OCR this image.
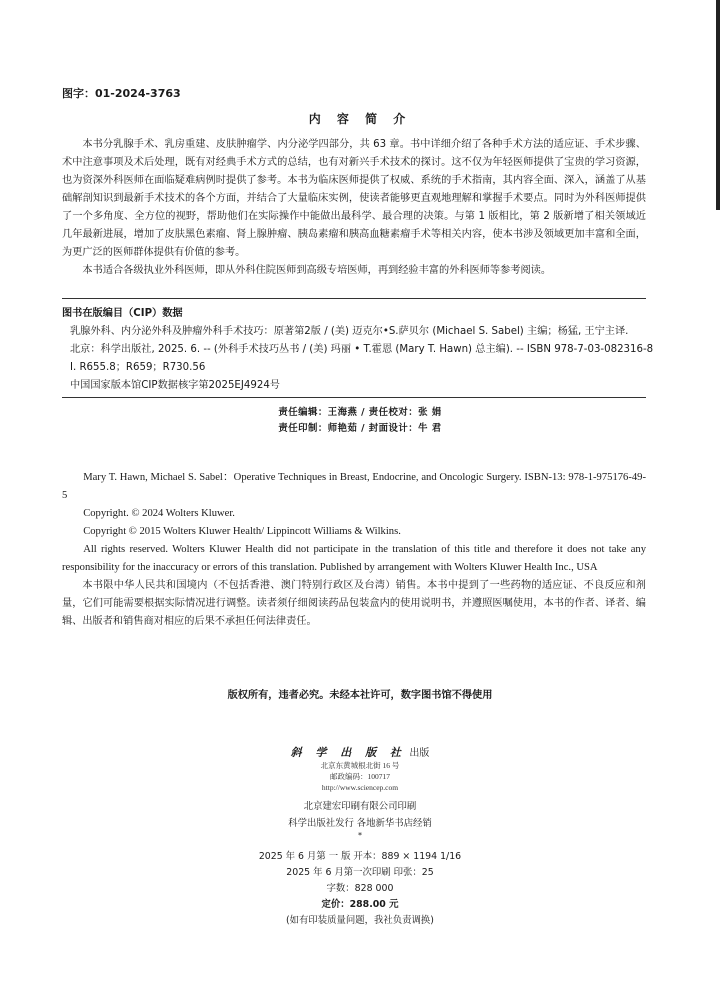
图字：01-2024-3763
内 容 简 介

本书分乳腺手术、乳房重建、皮肤肿瘤学、内分泌学四部分，共 63 章。书中详细介绍了各种手术方法的适应证、手术步骤、术中注意事项及术后处理，既有对经典手术方式的总结，也有对新兴手术技术的探讨。这不仅为年轻医师提供了宝贵的学习资源，也为资深外科医师在面临疑难病例时提供了参考。本书为临床医师提供了权威、系统的手术指南，其内容全面、深入，涵盖了从基础解剖知识到最新手术技术的各个方面，并结合了大量临床实例，使读者能够更直观地理解和掌握手术要点。同时为外科医师提供了一个多角度、全方位的视野，帮助他们在实际操作中能做出最科学、最合理的决策。与第 1 版相比，第 2 版新增了相关领域近几年最新进展，增加了皮肤黑色素瘤、肾上腺肿瘤、胰岛素瘤和胰高血糖素瘤手术等相关内容，使本书涉及领域更加丰富和全面，为更广泛的医师群体提供有价值的参考。

本书适合各级执业外科医师，即从外科住院医师到高级专培医师，再到经验丰富的外科医师等参考阅读。

图书在版编目（CIP）数据
乳腺外科、内分泌外科及肿瘤外科手术技巧：原著第2版 / (美) 迈克尔•S.萨贝尔 (Michael S. Sabel) 主编；杨猛, 王宁主译.
北京：科学出版社, 2025. 6. -- (外科手术技巧丛书 / (美) 玛丽 • T.霍恩 (Mary T. Hawn) 总主编). -- ISBN 978-7-03-082316-8
Ⅰ. R655.8；R659；R730.56
中国国家版本馆CIP数据核字第2025EJ4924号
责任编辑：王海燕 / 责任校对：张 娟
责任印制：师艳茹 / 封面设计：牛 君

Mary T. Hawn, Michael S. Sabel：Operative Techniques in Breast, Endocrine, and Oncologic Surgery. ISBN-13: 978-1-975176-49-5

Copyright. © 2024 Wolters Kluwer.

Copyright © 2015 Wolters Kluwer Health/ Lippincott Williams & Wilkins.

All rights reserved. Wolters Kluwer Health did not participate in the translation of this title and therefore it does not take any responsibility for the inaccuracy or errors of this translation. Published by arrangement with Wolters Kluwer Health Inc., USA

本书限中华人民共和国境内（不包括香港、澳门特别行政区及台湾）销售。本书中提到了一些药物的适应证、不良反应和剂量，它们可能需要根据实际情况进行调整。读者须仔细阅读药品包装盒内的使用说明书，并遵照医嘱使用，本书的作者、译者、编辑、出版者和销售商对相应的后果不承担任何法律责任。

版权所有，违者必究。未经本社许可，数字图书馆不得使用
斜 学 出 版 社 出版
北京东黄城根北街 16 号
邮政编码：100717
http://www.sciencep.com
北京建宏印刷有限公司印刷
科学出版社发行 各地新华书店经销
*
2025 年 6 月第 一 版 开本：889 × 1194 1/16
2025 年 6 月第一次印刷 印张：25
字数：828 000
定价：288.00 元
(如有印装质量问题，我社负责调换)
